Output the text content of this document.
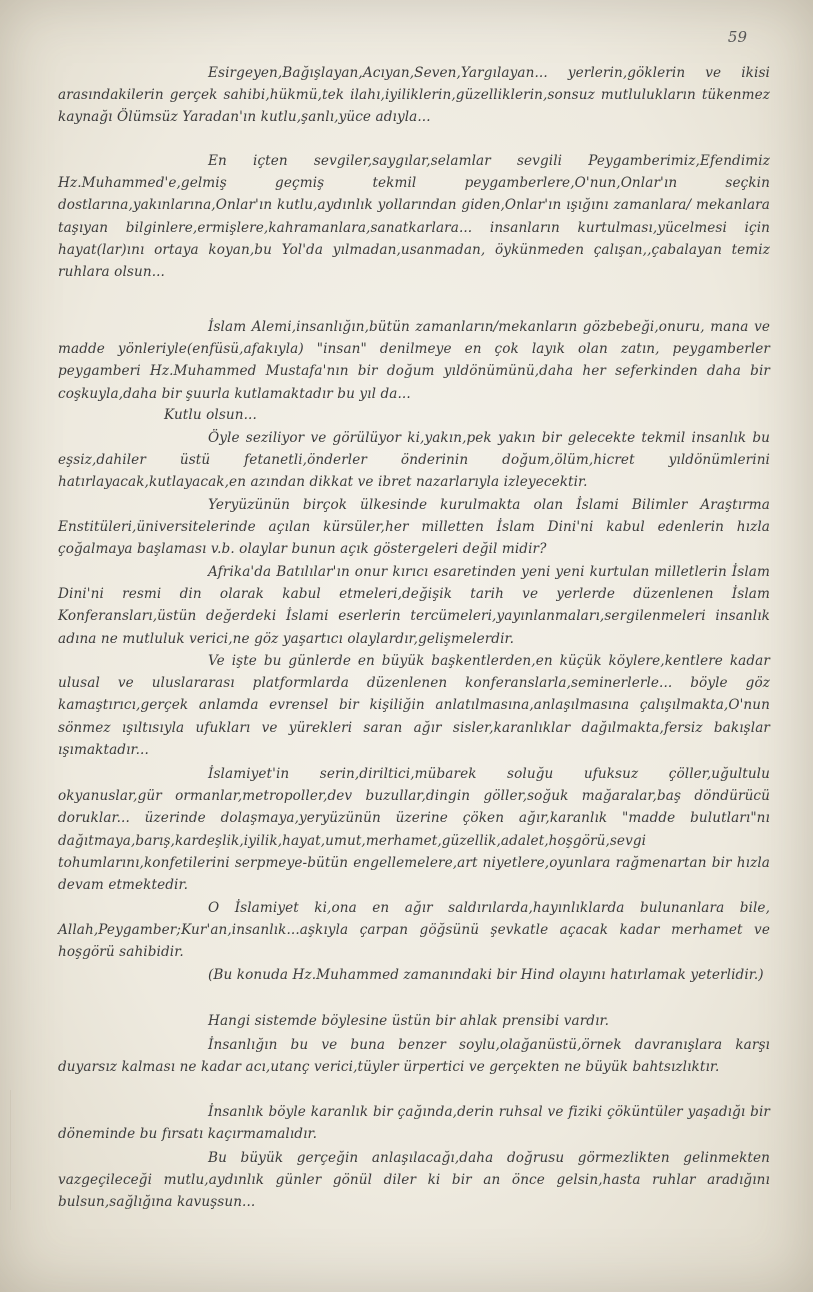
59

Esirgeyen,Bağışlayan,Acıyan,Seven,Yargılayan... yerlerin,göklerin ve ikisi arasındakilerin gerçek sahibi,hükmü,tek ilahı,iyiliklerin,güzelliklerin,sonsuz mutlulukların tükenmez kaynağı Ölümsüz Yaradan'ın kutlu,şanlı,yüce adıyla...

En içten sevgiler,saygılar,selamlar sevgili Peygamberimiz,Efendimiz Hz.Muhammed'e,gelmiş geçmiş tekmil peygamberlere,O'nun,Onlar'ın seçkin dostlarına,yakınlarına,Onlar'ın kutlu,aydınlık yollarından giden,Onlar'ın ışığını zamanlara/ mekanlara taşıyan bilginlere,ermişlere,kahramanlara,sanatkarlara... insanların kurtulması,yücelmesi için hayat(lar)ını ortaya koyan,bu Yol'da yılmadan,usanmadan, öykünmeden çalışan,,çabalayan temiz ruhlara olsun...

İslam Alemi,insanlığın,bütün zamanların/mekanların gözbebeği,onuru, mana ve madde yönleriyle(enfüsü,afakıyla) "insan" denilmeye en çok layık olan zatın, peygamberler peygamberi Hz.Muhammed Mustafa'nın bir doğum yıldönümünü,daha her seferkinden daha bir coşkuyla,daha bir şuurla kutlamaktadır bu yıl da...

Kutlu olsun...

Öyle seziliyor ve görülüyor ki,yakın,pek yakın bir gelecekte tekmil insanlık bu eşsiz,dahiler üstü fetanetli,önderler önderinin doğum,ölüm,hicret yıldönümlerini hatırlayacak,kutlayacak,en azından dikkat ve ibret nazarlarıyla izleyecektir.

Yeryüzünün birçok ülkesinde kurulmakta olan İslami Bilimler Araştırma Enstitüleri,üniversitelerinde açılan kürsüler,her milletten İslam Dini'ni kabul edenlerin hızla çoğalmaya başlaması v.b. olaylar bunun açık göstergeleri değil midir?

Afrika'da Batılılar'ın onur kırıcı esaretinden yeni yeni kurtulan milletlerin İslam Dini'ni resmi din olarak kabul etmeleri,değişik tarih ve yerlerde düzenlenen İslam Konferansları,üstün değerdeki İslami eserlerin tercümeleri,yayınlanmaları,sergilenmeleri insanlık adına ne mutluluk verici,ne göz yaşartıcı olaylardır,gelişmelerdir.

Ve işte bu günlerde en büyük başkentlerden,en küçük köylere,kentlere kadar ulusal ve uluslararası platformlarda düzenlenen konferanslarla,seminerlerle... böyle göz kamaştırıcı,gerçek anlamda evrensel bir kişiliğin anlatılmasına,anlaşılmasına çalışılmakta,O'nun sönmez ışıltısıyla ufukları ve yürekleri saran ağır sisler,karanlıklar dağılmakta,fersiz bakışlar ışımaktadır...

İslamiyet'in serin,diriltici,mübarek soluğu ufuksuz çöller,uğultulu okyanuslar,gür ormanlar,metropoller,dev buzullar,dingin göller,soğuk mağaralar,baş döndürücü doruklar... üzerinde dolaşmaya,yeryüzünün üzerine çöken ağır,karanlık "madde bulutları"nı dağıtmaya,barış,kardeşlik,iyilik,hayat,umut,merhamet,güzellik,adalet,hoşgörü,sevgi tohumlarını,konfetilerini serpmeye-bütün engellemelere,art niyetlere,oyunlara rağmenartan bir hızla devam etmektedir.

O İslamiyet ki,ona en ağır saldırılarda,hayınlıklarda bulunanlara bile, Allah,Peygamber;Kur'an,insanlık...aşkıyla çarpan göğsünü şevkatle açacak kadar merhamet ve hoşgörü sahibidir.

(Bu konuda Hz.Muhammed zamanındaki bir Hind olayını hatırlamak yeterlidir.)

Hangi sistemde böylesine üstün bir ahlak prensibi vardır.

İnsanlığın bu ve buna benzer soylu,olağanüstü,örnek davranışlara karşı duyarsız kalması ne kadar acı,utanç verici,tüyler ürpertici ve gerçekten ne büyük bahtsızlıktır.

İnsanlık böyle karanlık bir çağında,derin ruhsal ve fiziki çöküntüler yaşadığı bir döneminde bu fırsatı kaçırmamalıdır.

Bu büyük gerçeğin anlaşılacağı,daha doğrusu görmezlikten gelinmekten vazgeçileceği mutlu,aydınlık günler gönül diler ki bir an önce gelsin,hasta ruhlar aradığını bulsun,sağlığına kavuşsun...
